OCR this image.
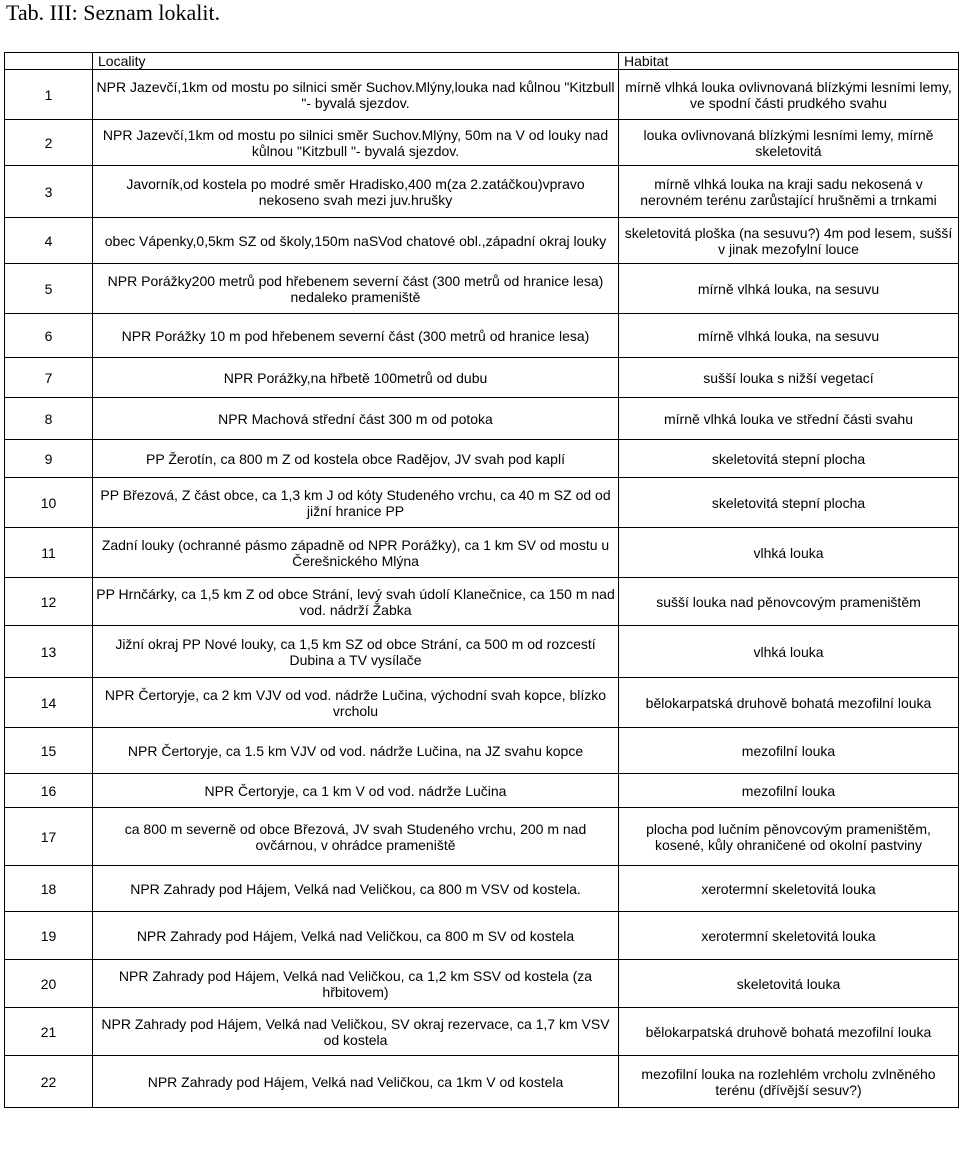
Tab. III: Seznam lokalit.
	Locality	Habitat
1	NPR Jazevčí,1km od mostu po silnici směr Suchov.Mlýny,louka nad kůlnou "Kitzbull "- byvalá sjezdov.	mírně vlhká louka ovlivnovaná blízkými lesními lemy, ve spodní části prudkého svahu
2	NPR Jazevčí,1km od mostu po silnici směr Suchov.Mlýny, 50m na V od louky nad kůlnou "Kitzbull "- byvalá sjezdov.	louka ovlivnovaná blízkými lesními lemy, mírně skeletovitá
3	Javorník,od kostela po modré směr Hradisko,400 m(za 2.zatáčkou)vpravo nekoseno svah mezi juv.hrušky	mírně vlhká louka na kraji sadu nekosená v nerovném terénu zarůstající hrušněmi a trnkami
4	obec Vápenky,0,5km SZ od školy,150m naSVod chatové obl.,západní okraj louky	skeletovitá ploška (na sesuvu?) 4m pod lesem, sušší v jinak mezofylní louce
5	NPR Porážky200 metrů pod hřebenem severní část (300 metrů od hranice lesa) nedaleko prameniště	mírně vlhká louka, na sesuvu
6	NPR Porážky 10 m pod hřebenem severní část (300 metrů od hranice lesa)	mírně vlhká louka, na sesuvu
7	NPR Porážky,na hřbetě 100metrů od dubu	sušší louka s nižší vegetací
8	NPR Machová střední část 300 m od potoka	mírně vlhká louka ve střední části svahu
9	PP Žerotín, ca 800 m Z od kostela obce Radějov, JV svah pod kaplí	skeletovitá stepní plocha
10	PP Březová, Z část obce, ca 1,3 km J od kóty Studeného vrchu, ca 40 m SZ od od jižní hranice PP	skeletovitá stepní plocha
11	Zadní louky (ochranné pásmo západně od NPR Porážky), ca 1 km SV od mostu u Čerešnického Mlýna	vlhká louka
12	PP Hrnčárky, ca 1,5 km Z od obce Strání, levý svah údolí Klanečnice, ca 150 m nad vod. nádrží Žabka	sušší louka nad pěnovcovým prameništěm
13	Jižní okraj PP Nové louky, ca 1,5 km SZ od obce Strání, ca 500 m od rozcestí Dubina a TV vysílače	vlhká louka
14	NPR Čertoryje, ca 2 km VJV od vod. nádrže Lučina, východní svah kopce, blízko vrcholu	bělokarpatská druhově bohatá mezofilní louka
15	NPR Čertoryje, ca 1.5 km VJV od vod. nádrže Lučina, na JZ svahu kopce	mezofilní louka
16	NPR Čertoryje, ca 1 km V od vod. nádrže Lučina	mezofilní louka
17	ca 800 m severně od obce Březová, JV svah Studeného vrchu, 200 m nad ovčárnou, v ohrádce prameniště	plocha pod lučním pěnovcovým prameništěm, kosené, kůly ohraničené od okolní pastviny
18	NPR Zahrady pod Hájem, Velká nad Veličkou, ca 800 m VSV od kostela.	xerotermní skeletovitá louka
19	NPR Zahrady pod Hájem, Velká nad Veličkou, ca 800 m SV od kostela	xerotermní skeletovitá louka
20	NPR Zahrady pod Hájem, Velká nad Veličkou, ca 1,2 km SSV od kostela (za hřbitovem)	skeletovitá louka
21	NPR Zahrady pod Hájem, Velká nad Veličkou, SV okraj rezervace, ca 1,7 km VSV od kostela	bělokarpatská druhově bohatá mezofilní louka
22	NPR Zahrady pod Hájem, Velká nad Veličkou, ca 1km V od kostela	mezofilní louka na rozlehlém vrcholu zvlněného terénu (dřívější sesuv?)
